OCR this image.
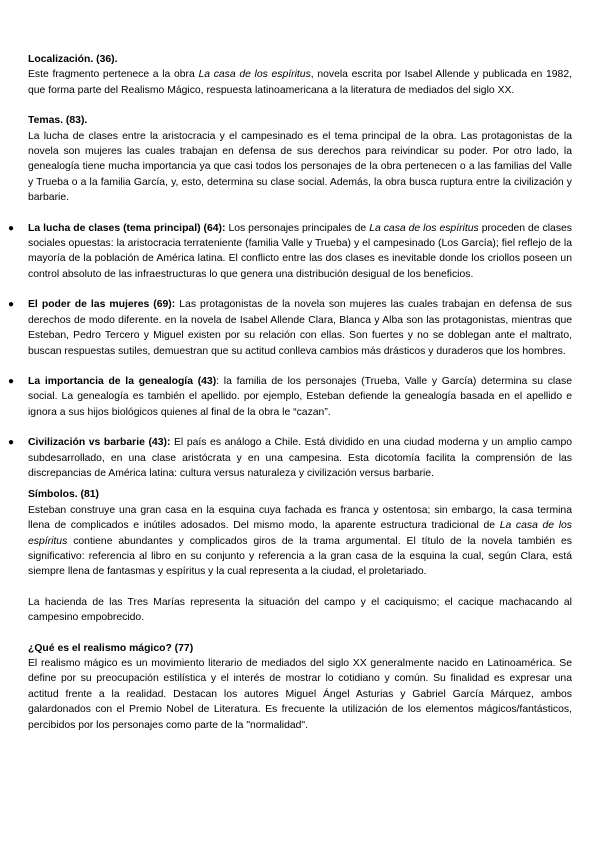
Localización. (36).

Este fragmento pertenece a la obra La casa de los espíritus, novela escrita por Isabel Allende y publicada en 1982, que forma parte del Realismo Mágico, respuesta latinoamericana a la literatura de mediados del siglo XX.

Temas. (83).

La lucha de clases entre la aristocracia y el campesinado es el tema principal de la obra. Las protagonistas de la novela son mujeres las cuales trabajan en defensa de sus derechos para reivindicar su poder. Por otro lado, la genealogía tiene mucha importancia ya que casi todos los personajes de la obra pertenecen o a las familias del Valle y Trueba o a la familia García, y, esto, determina su clase social. Además, la obra busca ruptura entre la civilización y barbarie.

● La lucha de clases (tema principal) (64): Los personajes principales de La casa de los espíritus proceden de clases sociales opuestas: la aristocracia terrateniente (familia Valle y Trueba) y el campesinado (Los García); fiel reflejo de la mayoría de la población de América latina. El conflicto entre las dos clases es inevitable donde los criollos poseen un control absoluto de las infraestructuras lo que genera una distribución desigual de los beneficios.

● El poder de las mujeres (69): Las protagonistas de la novela son mujeres las cuales trabajan en defensa de sus derechos de modo diferente. en la novela de Isabel Allende Clara, Blanca y Alba son las protagonistas, mientras que Esteban, Pedro Tercero y Miguel existen por su relación con ellas. Son fuertes y no se doblegan ante el maltrato, buscan respuestas sutiles, demuestran que su actitud conlleva cambios más drásticos y duraderos que los hombres.

● La importancia de la genealogía (43): la familia de los personajes (Trueba, Valle y García) determina su clase social. La genealogía es también el apellido. por ejemplo, Esteban defiende la genealogía basada en el apellido e ignora a sus hijos biológicos quienes al final de la obra le “cazan”.

● Civilización vs barbarie (43): El país es análogo a Chile. Está dividido en una ciudad moderna y un amplio campo subdesarrollado, en una clase aristócrata y en una campesina. Esta dicotomía facilita la comprensión de las discrepancias de América latina: cultura versus naturaleza y civilización versus barbarie.

Símbolos. (81)

Esteban construye una gran casa en la esquina cuya fachada es franca y ostentosa; sin embargo, la casa termina llena de complicados e inútiles adosados. Del mismo modo, la aparente estructura tradicional de La casa de los espíritus contiene abundantes y complicados giros de la trama argumental. El título de la novela también es significativo: referencia al libro en su conjunto y referencia a la gran casa de la esquina la cual, según Clara, está siempre llena de fantasmas y espíritus y la cual representa a la ciudad, el proletariado.

La hacienda de las Tres Marías representa la situación del campo y el caciquismo; el cacique machacando al campesino empobrecido.

¿Qué es el realismo mágico? (77)

El realismo mágico es un movimiento literario de mediados del siglo XX generalmente nacido en Latinoamérica. Se define por su preocupación estilística y el interés de mostrar lo cotidiano y común. Su finalidad es expresar una actitud frente a la realidad. Destacan los autores Miguel Ángel Asturias y Gabriel García Márquez, ambos galardonados con el Premio Nobel de Literatura. Es frecuente la utilización de los elementos mágicos/fantásticos, percibidos por los personajes como parte de la "normalidad".
